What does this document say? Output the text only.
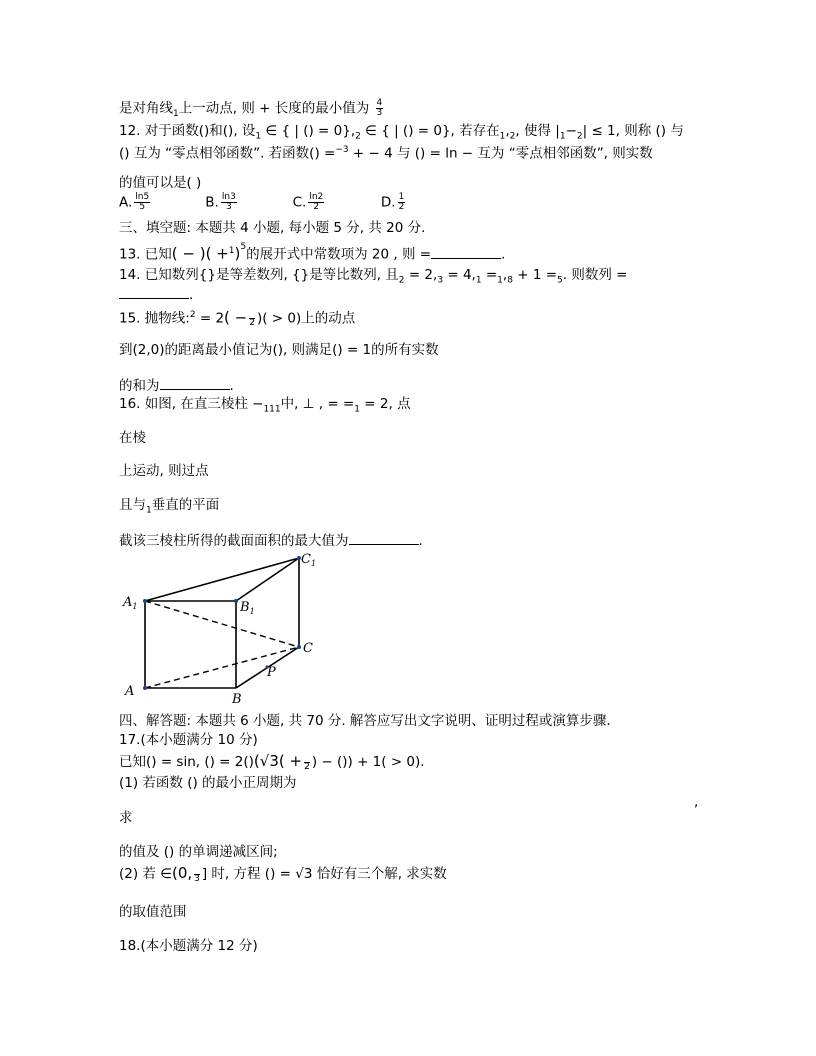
是对角线$_1$上一动点, 则 + 长度的最小值为 $\frac{4}{3}$
12. 对于函数()和(), 设$_1$ ∈ { | () = $0\},_2$ ∈ { | () = 0}, 若存在$_1,_2$, 使得 $|_1-_2| \le 1$, 则称 () 与
() 互为 “零点相邻函数”. 若函数() =$^{-3}$ + − 4 与 () = ln − 互为 “零点相邻函数”, 则实数
的值可以是( )
A. $\frac{\ln 5}{5}$	B. $\frac{\ln 3}{3}$	C. $\frac{\ln 2}{2}$	D. $\frac{1}{2}$
三、填空题: 本题共 4 小题, 每小题 5 分, 共 20 分.
13. 已知( − )( +$^1$)$^5$的展开式中常数项为 20 , 则 =	.
14. 已知数列{}是等差数列, {}是等比数列, 且$_2 = 2,_3 = 4,_1 =_1,_8 + 1 =_5$. 则数列 =
.
15. 抛物线:$^2$ = 2( −
2 )( > 0)上的动点
到(2,0)的距离最小值记为(), 则满足() = 1的所有实数
的和为	.
16. 如图, 在直三棱柱 $-_{111}$中, ⊥ , = $=_1 = 2$, 点
在棱
上运动, 则过点
且与$_1$垂直的平面
截该三棱柱所得的截面面积的最大值为	.
$A_1$	$B_1$
$C_1$
A
B
C
P
四、解答题: 本题共 6 小题, 共 70 分. 解答应写出文字说明、证明过程或演算步骤.
17.(本小题满分 10 分)
已知() = sin, () = 2()(√3( +
2 ) − ()) + 1( > 0).
(1) 若函数 () 的最小正周期为
,
求
的值及 () 的单调递减区间;
(2) 若 ∈(0,
3 ] 时, 方程 () = √3 恰好有三个解, 求实数
的取值范围
18.(本小题满分 12 分)
